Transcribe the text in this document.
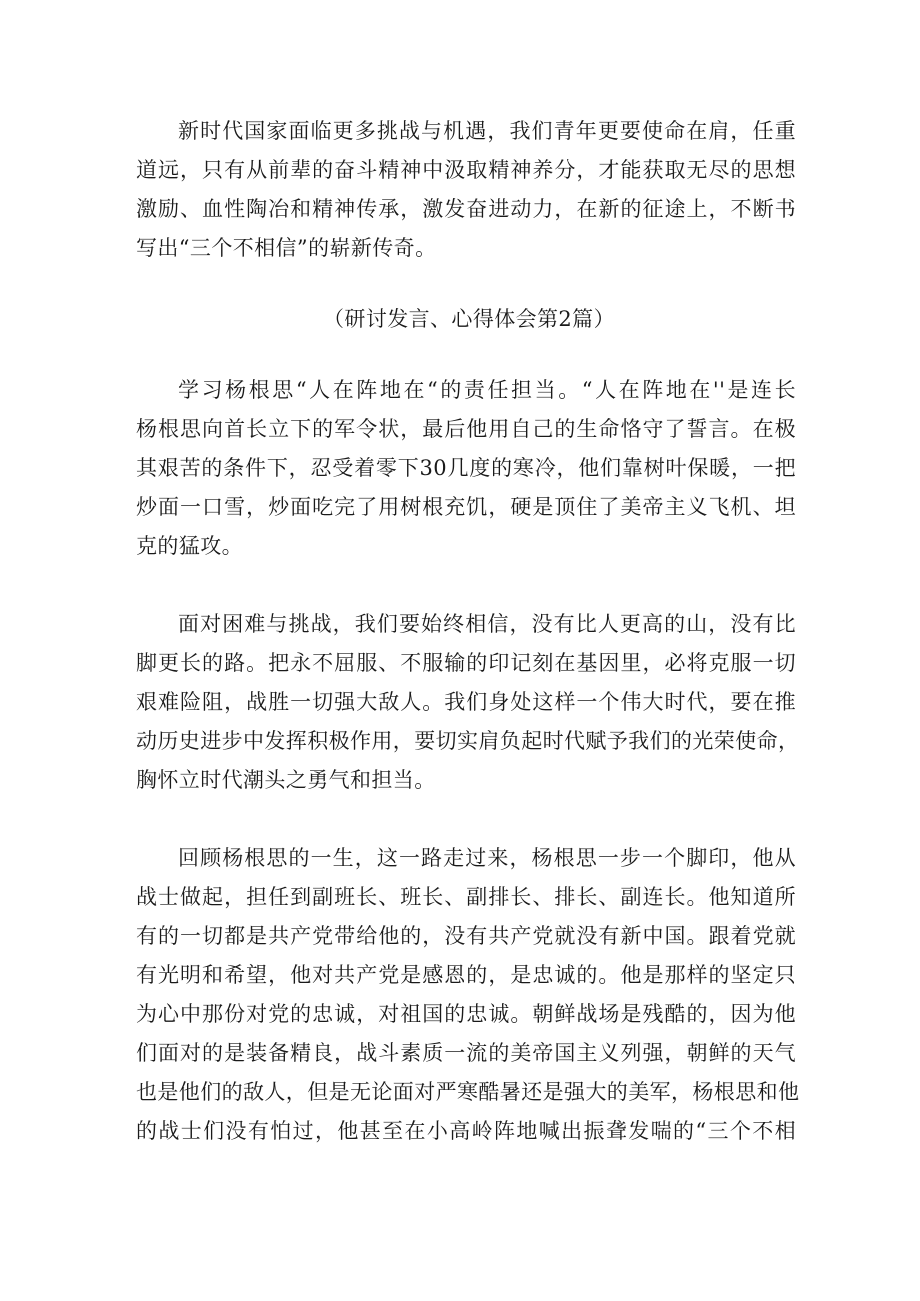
新时代国家面临更多挑战与机遇，我们青年更要使命在肩，任重
道远，只有从前辈的奋斗精神中汲取精神养分，才能获取无尽的思想
激励、血性陶冶和精神传承，激发奋进动力，在新的征途上，不断书
写出“三个不相信”的崭新传奇。

（研讨发言、心得体会第2篇）

学习杨根思“人在阵地在“的责任担当。“人在阵地在''是连长
杨根思向首长立下的军令状，最后他用自己的生命恪守了誓言。在极
其艰苦的条件下，忍受着零下30几度的寒冷，他们靠树叶保暖，一把
炒面一口雪，炒面吃完了用树根充饥，硬是顶住了美帝主义飞机、坦
克的猛攻。

面对困难与挑战，我们要始终相信，没有比人更高的山，没有比
脚更长的路。把永不屈服、不服输的印记刻在基因里，必将克服一切
艰难险阻，战胜一切强大敌人。我们身处这样一个伟大时代，要在推
动历史进步中发挥积极作用，要切实肩负起时代赋予我们的光荣使命，
胸怀立时代潮头之勇气和担当。

回顾杨根思的一生，这一路走过来，杨根思一步一个脚印，他从
战士做起，担任到副班长、班长、副排长、排长、副连长。他知道所
有的一切都是共产党带给他的，没有共产党就没有新中国。跟着党就
有光明和希望，他对共产党是感恩的，是忠诚的。他是那样的坚定只
为心中那份对党的忠诚，对祖国的忠诚。朝鲜战场是残酷的，因为他
们面对的是装备精良，战斗素质一流的美帝国主义列强，朝鲜的天气
也是他们的敌人，但是无论面对严寒酷暑还是强大的美军，杨根思和他
的战士们没有怕过，他甚至在小高岭阵地喊出振聋发喘的“三个不相
